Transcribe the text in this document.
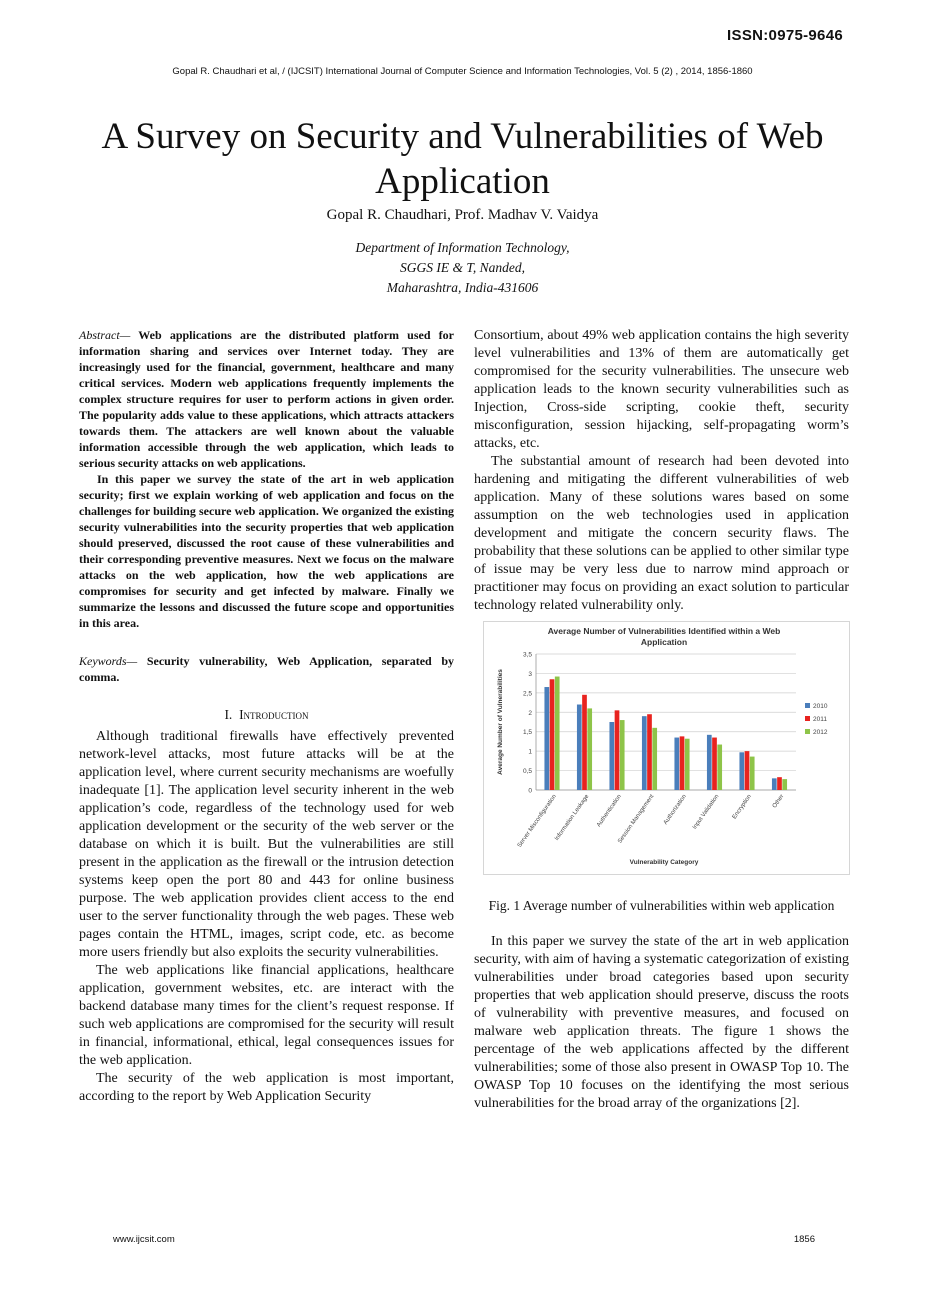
ISSN:0975-9646
Gopal R. Chaudhari et al, / (IJCSIT) International Journal of Computer Science and Information Technologies, Vol. 5 (2) , 2014, 1856-1860
A Survey on Security and Vulnerabilities of Web Application
Gopal R. Chaudhari, Prof. Madhav V. Vaidya
Department of Information Technology,
SGGS IE & T, Nanded,
Maharashtra, India-431606

Abstract— Web applications are the distributed platform used for information sharing and services over Internet today. They are increasingly used for the financial, government, healthcare and many critical services. Modern web applications frequently implements the complex structure requires for user to perform actions in given order. The popularity adds value to these applications, which attracts attackers towards them. The attackers are well known about the valuable information accessible through the web application, which leads to serious security attacks on web applications.

In this paper we survey the state of the art in web application security; first we explain working of web application and focus on the challenges for building secure web application. We organized the existing security vulnerabilities into the security properties that web application should preserved, discussed the root cause of these vulnerabilities and their corresponding preventive measures. Next we focus on the malware attacks on the web application, how the web applications are compromises for security and get infected by malware. Finally we summarize the lessons and discussed the future scope and opportunities in this area.

Keywords— Security vulnerability, Web Application, separated by comma.

I. Introduction

Although traditional firewalls have effectively prevented network-level attacks, most future attacks will be at the application level, where current security mechanisms are woefully inadequate [1]. The application level security inherent in the web application’s code, regardless of the technology used for web application development or the security of the web server or the database on which it is built. But the vulnerabilities are still present in the application as the firewall or the intrusion detection systems keep open the port 80 and 443 for online business purpose. The web application provides client access to the end user to the server functionality through the web pages. These web pages contain the HTML, images, script code, etc. as become more users friendly but also exploits the security vulnerabilities.

The web applications like financial applications, healthcare application, government websites, etc. are interact with the backend database many times for the client’s request response. If such web applications are compromised for the security will result in financial, informational, ethical, legal consequences issues for the web application.

The security of the web application is most important, according to the report by Web Application Security

Consortium, about 49% web application contains the high severity level vulnerabilities and 13% of them are automatically get compromised for the security vulnerabilities. The unsecure web application leads to the known security vulnerabilities such as Injection, Cross-side scripting, cookie theft, security misconfiguration, session hijacking, self-propagating worm’s attacks, etc.

The substantial amount of research had been devoted into hardening and mitigating the different vulnerabilities of web application. Many of these solutions wares based on some assumption on the web technologies used in application development and mitigate the concern security flaws. The probability that these solutions can be applied to other similar type of issue may be very less due to narrow mind approach or practitioner may focus on providing an exact solution to particular technology related vulnerability only.

Average Number of Vulnerabilities Identified within a Web
Application
0
0,5
1
1,5
2
2,5
3
3,5
Server Misconfiguration
Information Leakage Authentication
Session Management Authorization Input Validation Encryption	Other
Vulnerability Category
Average Number of Vulnerabilities	2010
2011
2012
Fig. 1 Average number of vulnerabilities within web application

In this paper we survey the state of the art in web application security, with aim of having a systematic categorization of existing vulnerabilities under broad categories based upon security properties that web application should preserve, discuss the roots of vulnerability with preventive measures, and focused on malware web application threats. The figure 1 shows the percentage of the web applications affected by the different vulnerabilities; some of those also present in OWASP Top 10. The OWASP Top 10 focuses on the identifying the most serious vulnerabilities for the broad array of the organizations [2].

www.ijcsit.com	1856
